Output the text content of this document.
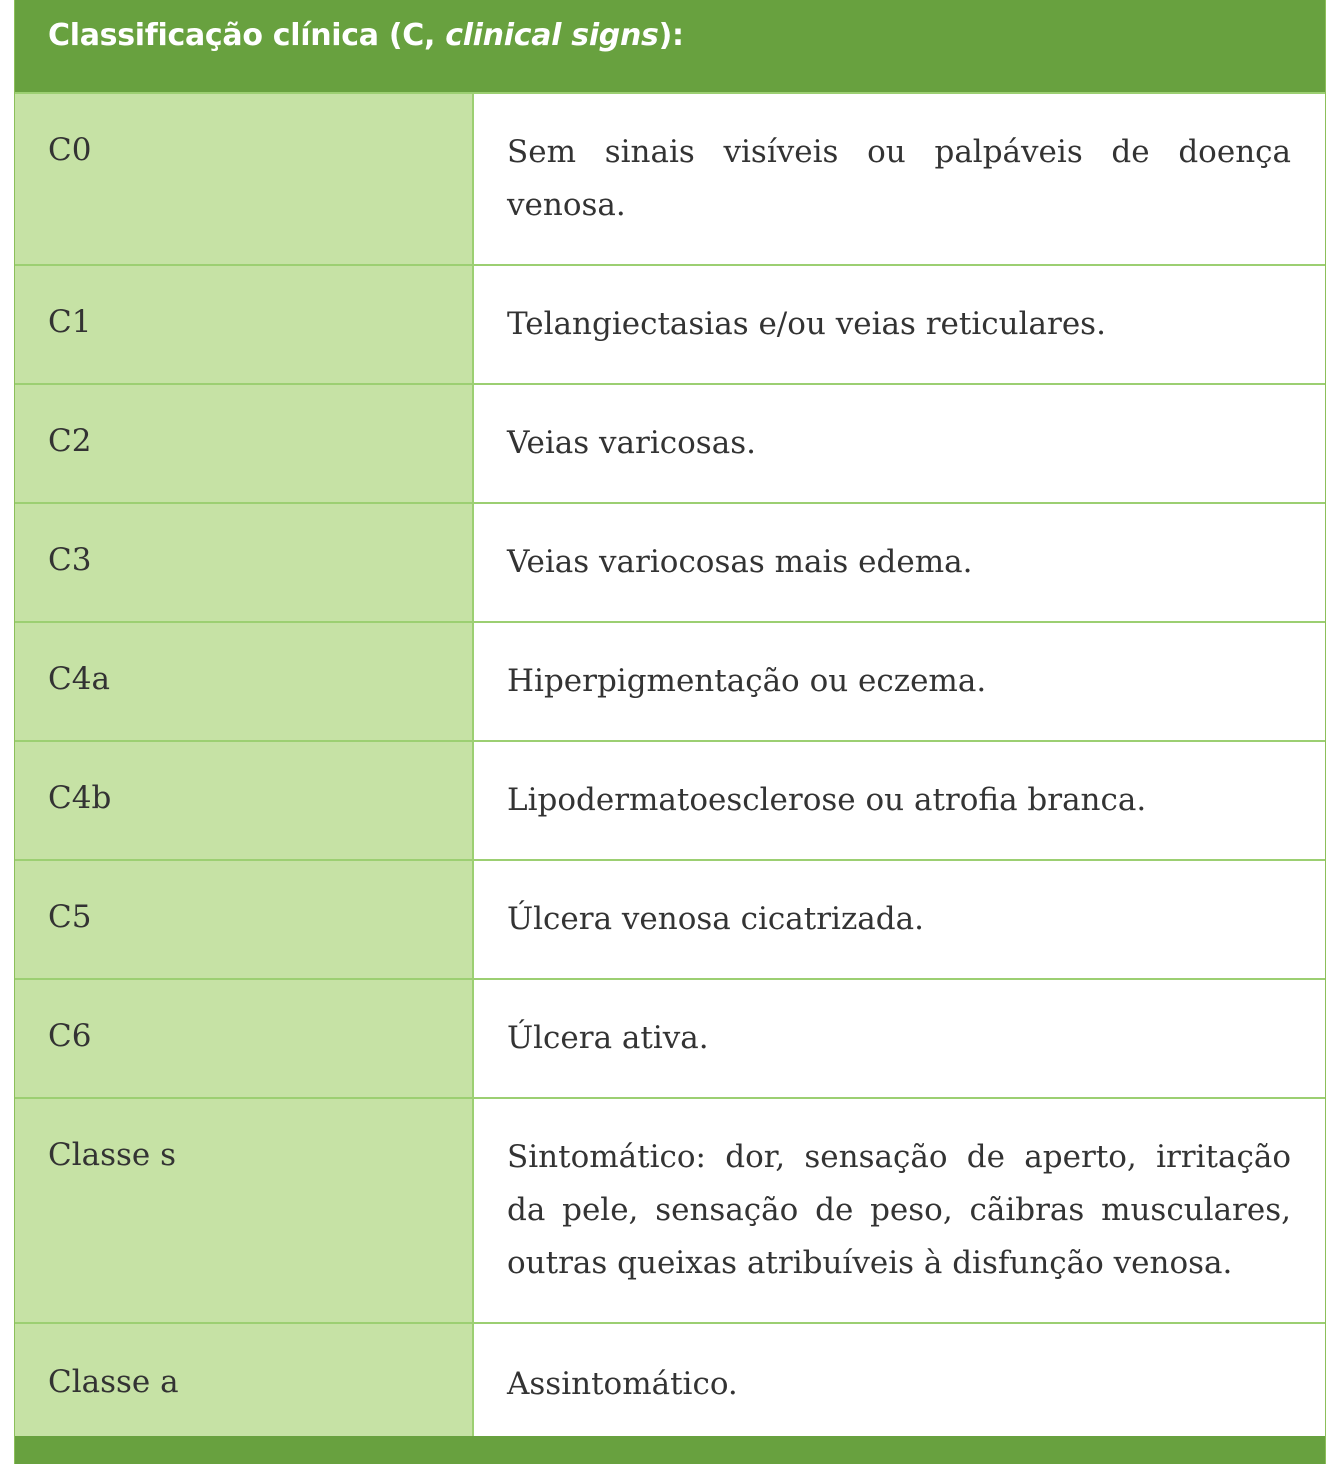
Classificação clínica (C, clinical signs):
C0	Sem sinais visíveis ou palpáveis de doença venosa.
C1	Telangiectasias e/ou veias reticulares.
C2	Veias varicosas.
C3	Veias variocosas mais edema.
C4a	Hiperpigmentação ou eczema.
C4b	Lipodermatoesclerose ou atrofia branca.
C5	Úlcera venosa cicatrizada.
C6	Úlcera ativa.
Classe s	Sintomático: dor, sensação de aperto, irritação da pele, sensação de peso, cãibras musculares, outras queixas atribuíveis à disfunção venosa.
Classe a	Assintomático.
